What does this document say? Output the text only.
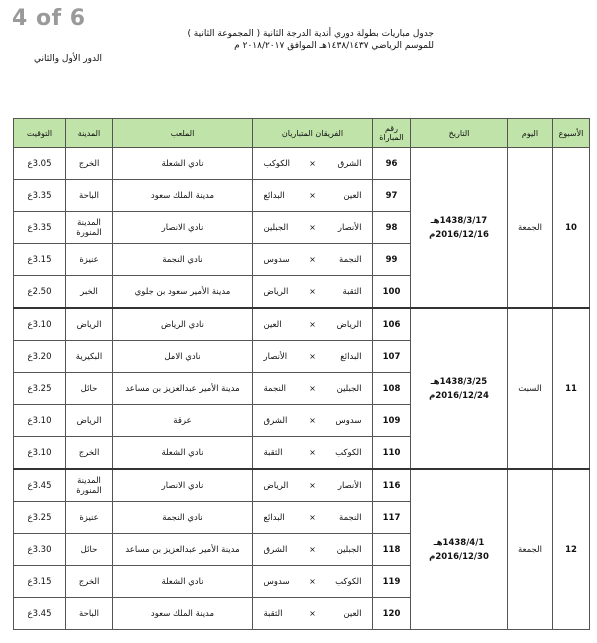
4 of 6
جدول مباريات بطولة دوري أندية الدرجة الثانية ( المجموعة الثانية )
للموسم الرياضي ١٤٣٨/١٤٣٧هـ الموافق ٢٠١٨/٢٠١٧ م
الدور الأول والثاني
الأسبوع	اليوم	التاريخ	رقم المباراة	الفريقان المتباريان	الملعب	المدينة	التوقيت
10	الجمعة	1438/3/17هـ
2016/12/16م	96	الشرق×الكوكب	نادي الشعلة	الخرج	3.05ع
			97	العين×البدائع	مدينة الملك سعود	الباحة	3.35ع
			98	الأنصار×الجبلين	نادي الانصار	المدينة المنورة	3.35ع
			99	النجمة×سدوس	نادي النجمة	عنيزة	3.15ع
			100	الثقبة×الرياض	مدينة الأمير سعود بن جلوي	الخبر	2.50ع
11	السبت	1438/3/25هـ
2016/12/24م	106	الرياض×العين	نادي الرياض	الرياض	3.10ع
			107	البدائع×الأنصار	نادي الامل	البكيرية	3.20ع
			108	الجبلين×النجمة	مدينة الأمير عبدالعزيز بن مساعد	حائل	3.25ع
			109	سدوس×الشرق	عرقة	الرياض	3.10ع
			110	الكوكب×الثقبة	نادي الشعلة	الخرج	3.10ع
12	الجمعة	1438/4/1هـ
2016/12/30م	116	الأنصار×الرياض	نادي الانصار	المدينة المنورة	3.45ع
			117	النجمة×البدائع	نادي النجمة	عنيزة	3.25ع
			118	الجبلين×الشرق	مدينة الأمير عبدالعزيز بن مساعد	حائل	3.30ع
			119	الكوكب×سدوس	نادي الشعلة	الخرج	3.15ع
			120	العين×الثقبة	مدينة الملك سعود	الباحة	3.45ع
